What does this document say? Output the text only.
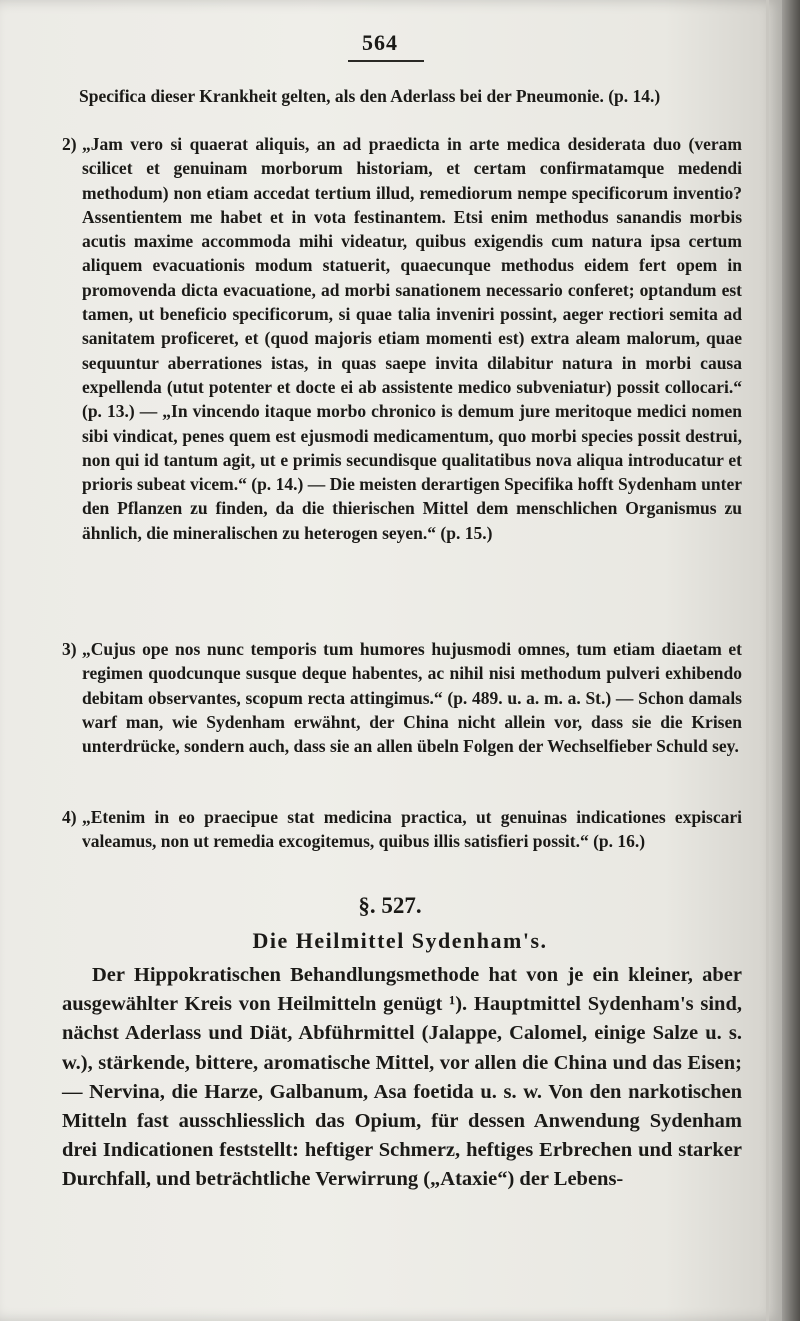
564
Specifica dieser Krankheit gelten, als den Aderlass bei der Pneumonie. (p. 14.)
2) „Jam vero si quaerat aliquis, an ad praedicta in arte medica desiderata duo (veram scilicet et genuinam morborum historiam, et certam confirmatamque medendi methodum) non etiam accedat tertium illud, remediorum nempe specificorum inventio? Assentientem me habet et in vota festinantem. Etsi enim methodus sanandis morbis acutis maxime accommoda mihi videatur, quibus exigendis cum natura ipsa certum aliquem evacuationis modum statuerit, quaecunque methodus eidem fert opem in promovenda dicta evacuatione, ad morbi sanationem necessario conferet; optandum est tamen, ut beneficio specificorum, si quae talia inveniri possint, aeger rectiori semita ad sanitatem proficeret, et (quod majoris etiam momenti est) extra aleam malorum, quae sequuntur aberrationes istas, in quas saepe invita dilabitur natura in morbi causa expellenda (utut potenter et docte ei ab assistente medico subveniatur) possit collocari.“ (p. 13.) — „In vincendo itaque morbo chronico is demum jure meritoque medici nomen sibi vindicat, penes quem est ejusmodi medicamentum, quo morbi species possit destrui, non qui id tantum agit, ut e primis secundisque qualitatibus nova aliqua introducatur et prioris subeat vicem.“ (p. 14.) — Die meisten derartigen Specifika hofft Sydenham unter den Pflanzen zu finden, da die thierischen Mittel dem menschlichen Organismus zu ähnlich, die mineralischen zu heterogen seyen.“ (p. 15.)
3) „Cujus ope nos nunc temporis tum humores hujusmodi omnes, tum etiam diaetam et regimen quodcunque susque deque habentes, ac nihil nisi methodum pulveri exhibendo debitam observantes, scopum recta attingimus.“ (p. 489. u. a. m. a. St.) — Schon damals warf man, wie Sydenham erwähnt, der China nicht allein vor, dass sie die Krisen unterdrücke, sondern auch, dass sie an allen übeln Folgen der Wechselfieber Schuld sey.
4) „Etenim in eo praecipue stat medicina practica, ut genuinas indicationes expiscari valeamus, non ut remedia excogitemus, quibus illis satisfieri possit.“ (p. 16.)
§. 527.
Die Heilmittel Sydenham's.
Der Hippokratischen Behandlungsmethode hat von je ein kleiner, aber ausgewählter Kreis von Heilmitteln genügt ¹). Hauptmittel Sydenham's sind, nächst Aderlass und Diät, Abführmittel (Jalappe, Calomel, einige Salze u. s. w.), stärkende, bittere, aromatische Mittel, vor allen die China und das Eisen; — Nervina, die Harze, Galbanum, Asa foetida u. s. w. Von den narkotischen Mitteln fast ausschliesslich das Opium, für dessen Anwendung Sydenham drei Indicationen feststellt: heftiger Schmerz, heftiges Erbrechen und starker Durchfall, und beträchtliche Verwirrung („Ataxie“) der Lebens-
